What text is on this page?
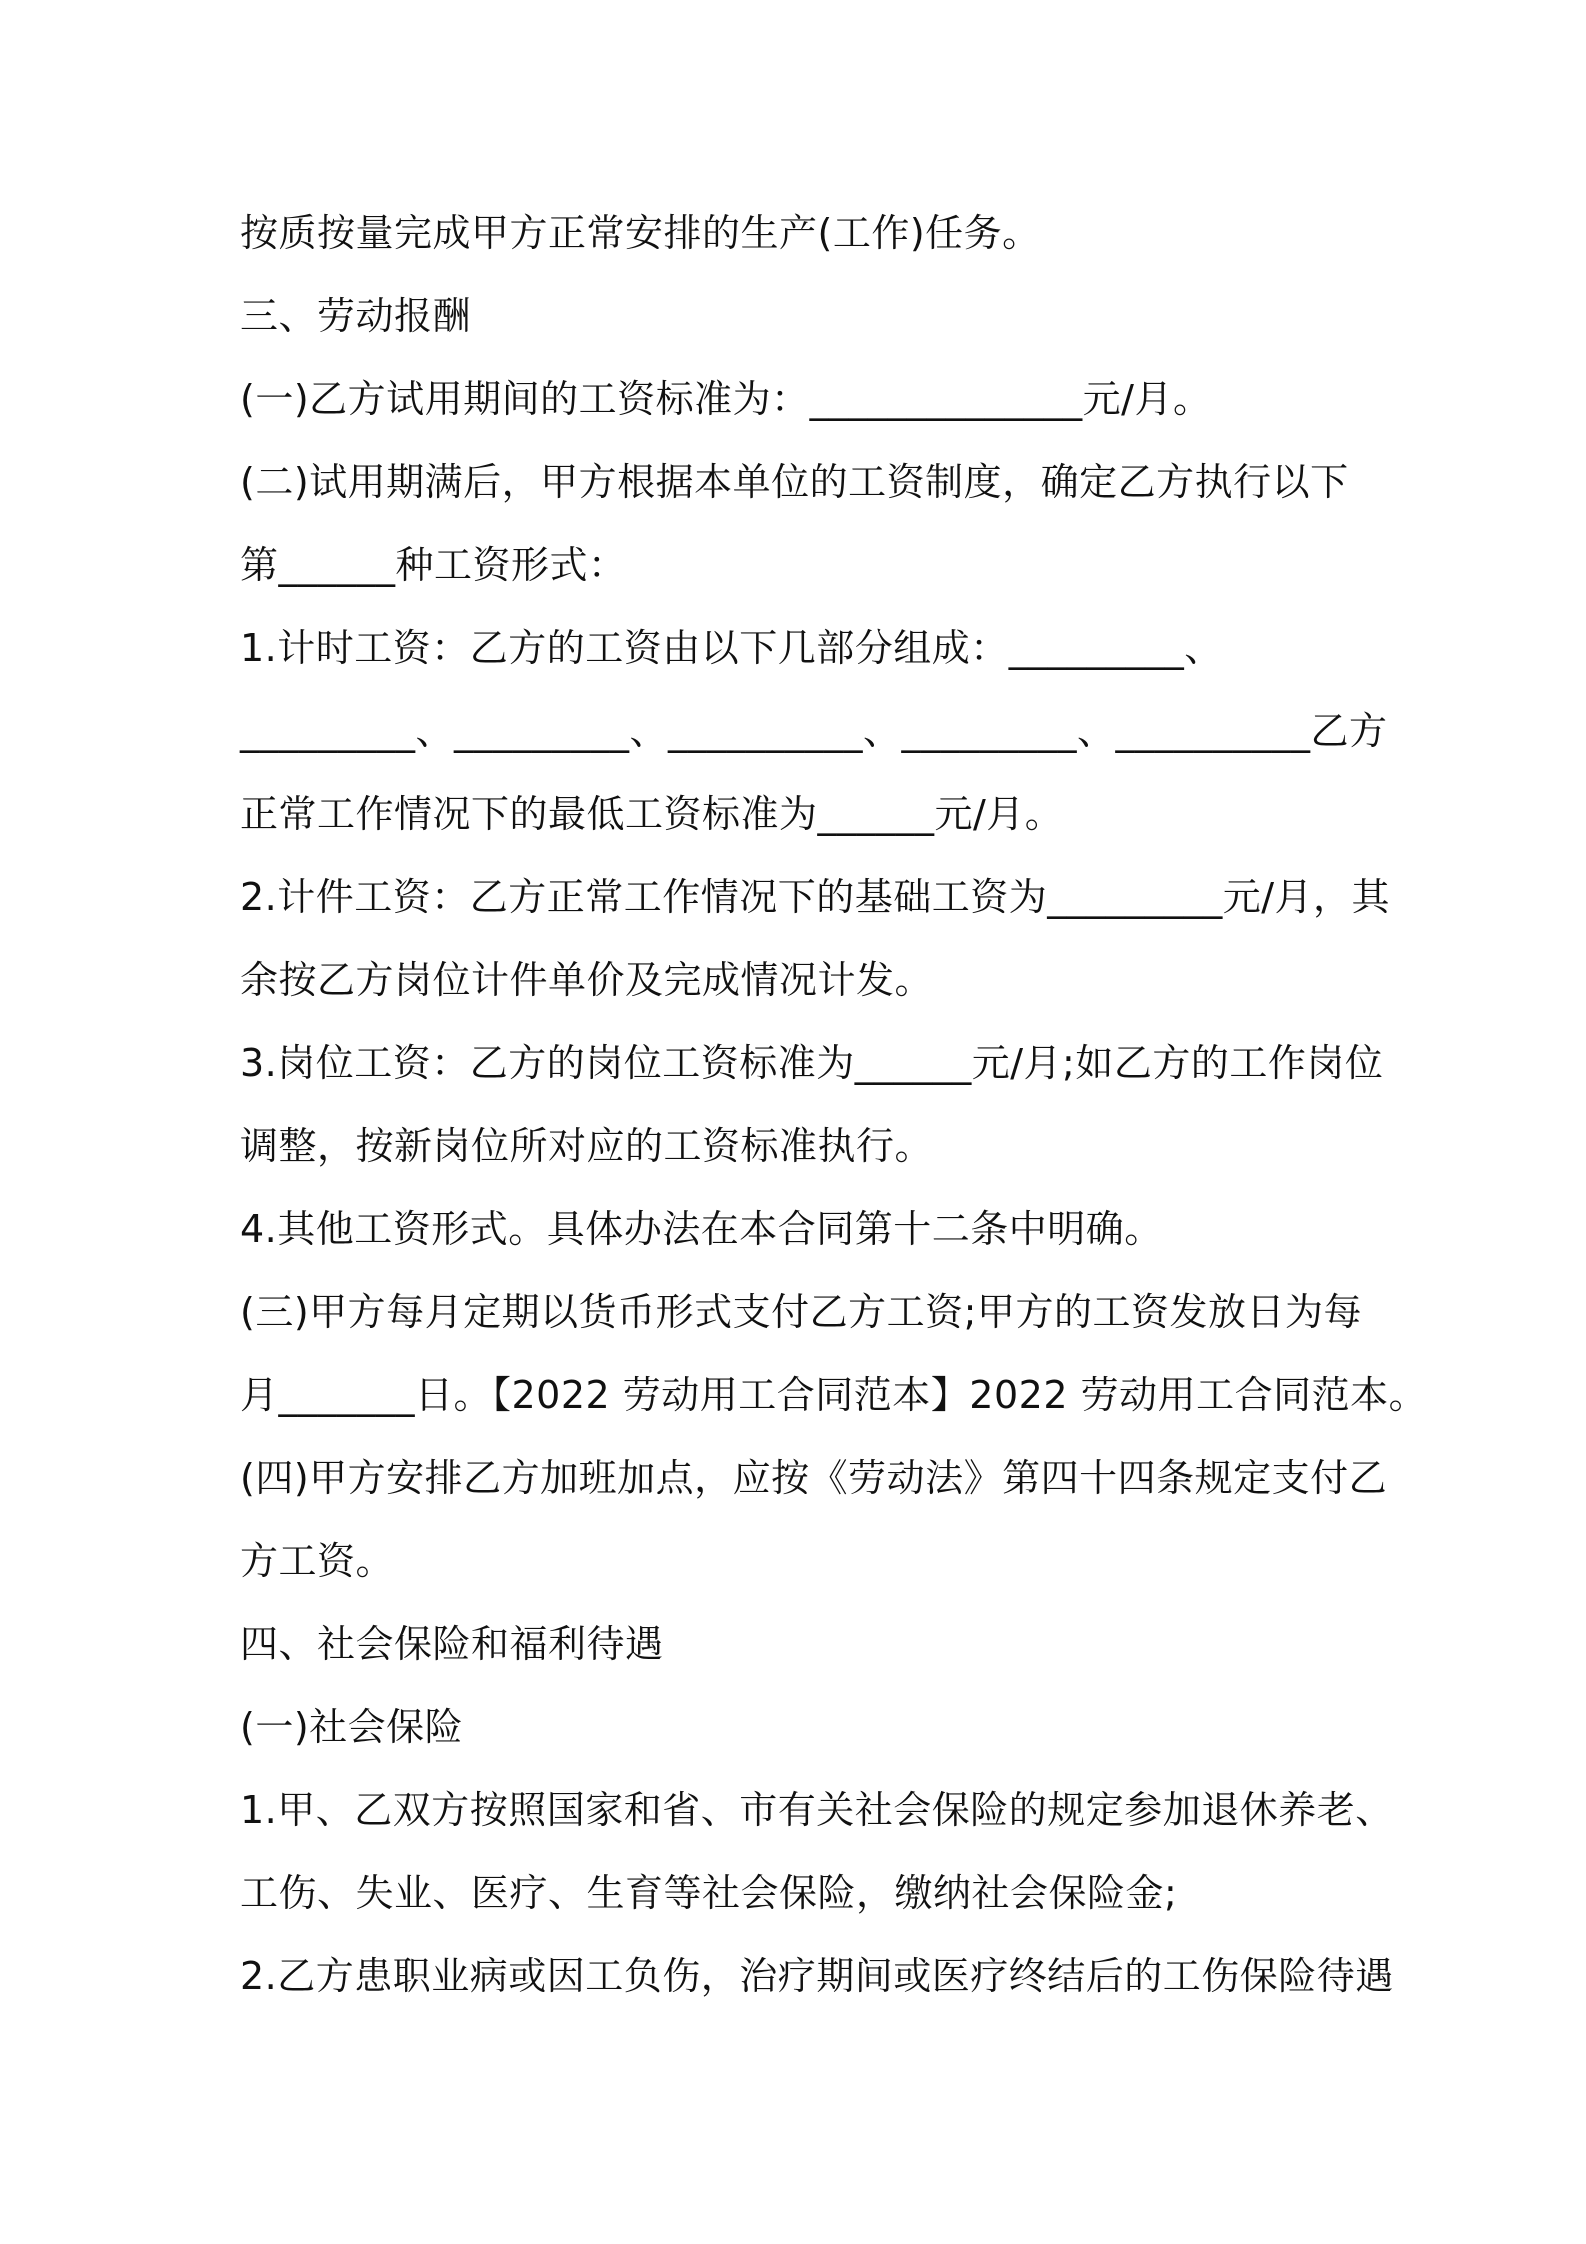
按质按量完成甲方正常安排的生产(工作)任务。
三、劳动报酬
(一)乙方试用期间的工资标准为：______________元/月。
(二)试用期满后，甲方根据本单位的工资制度，确定乙方执行以下
第______种工资形式：
1.计时工资：乙方的工资由以下几部分组成：_________、
_________、_________、__________、_________、__________乙方
正常工作情况下的最低工资标准为______元/月。
2.计件工资：乙方正常工作情况下的基础工资为_________元/月，其
余按乙方岗位计件单价及完成情况计发。
3.岗位工资：乙方的岗位工资标准为______元/月;如乙方的工作岗位
调整，按新岗位所对应的工资标准执行。
4.其他工资形式。具体办法在本合同第十二条中明确。
(三)甲方每月定期以货币形式支付乙方工资;甲方的工资发放日为每
月_______日。【2022 劳动用工合同范本】2022 劳动用工合同范本。
(四)甲方安排乙方加班加点，应按《劳动法》第四十四条规定支付乙
方工资。
四、社会保险和福利待遇
(一)社会保险
1.甲、乙双方按照国家和省、市有关社会保险的规定参加退休养老、
工伤、失业、医疗、生育等社会保险，缴纳社会保险金;
2.乙方患职业病或因工负伤，治疗期间或医疗终结后的工伤保险待遇
